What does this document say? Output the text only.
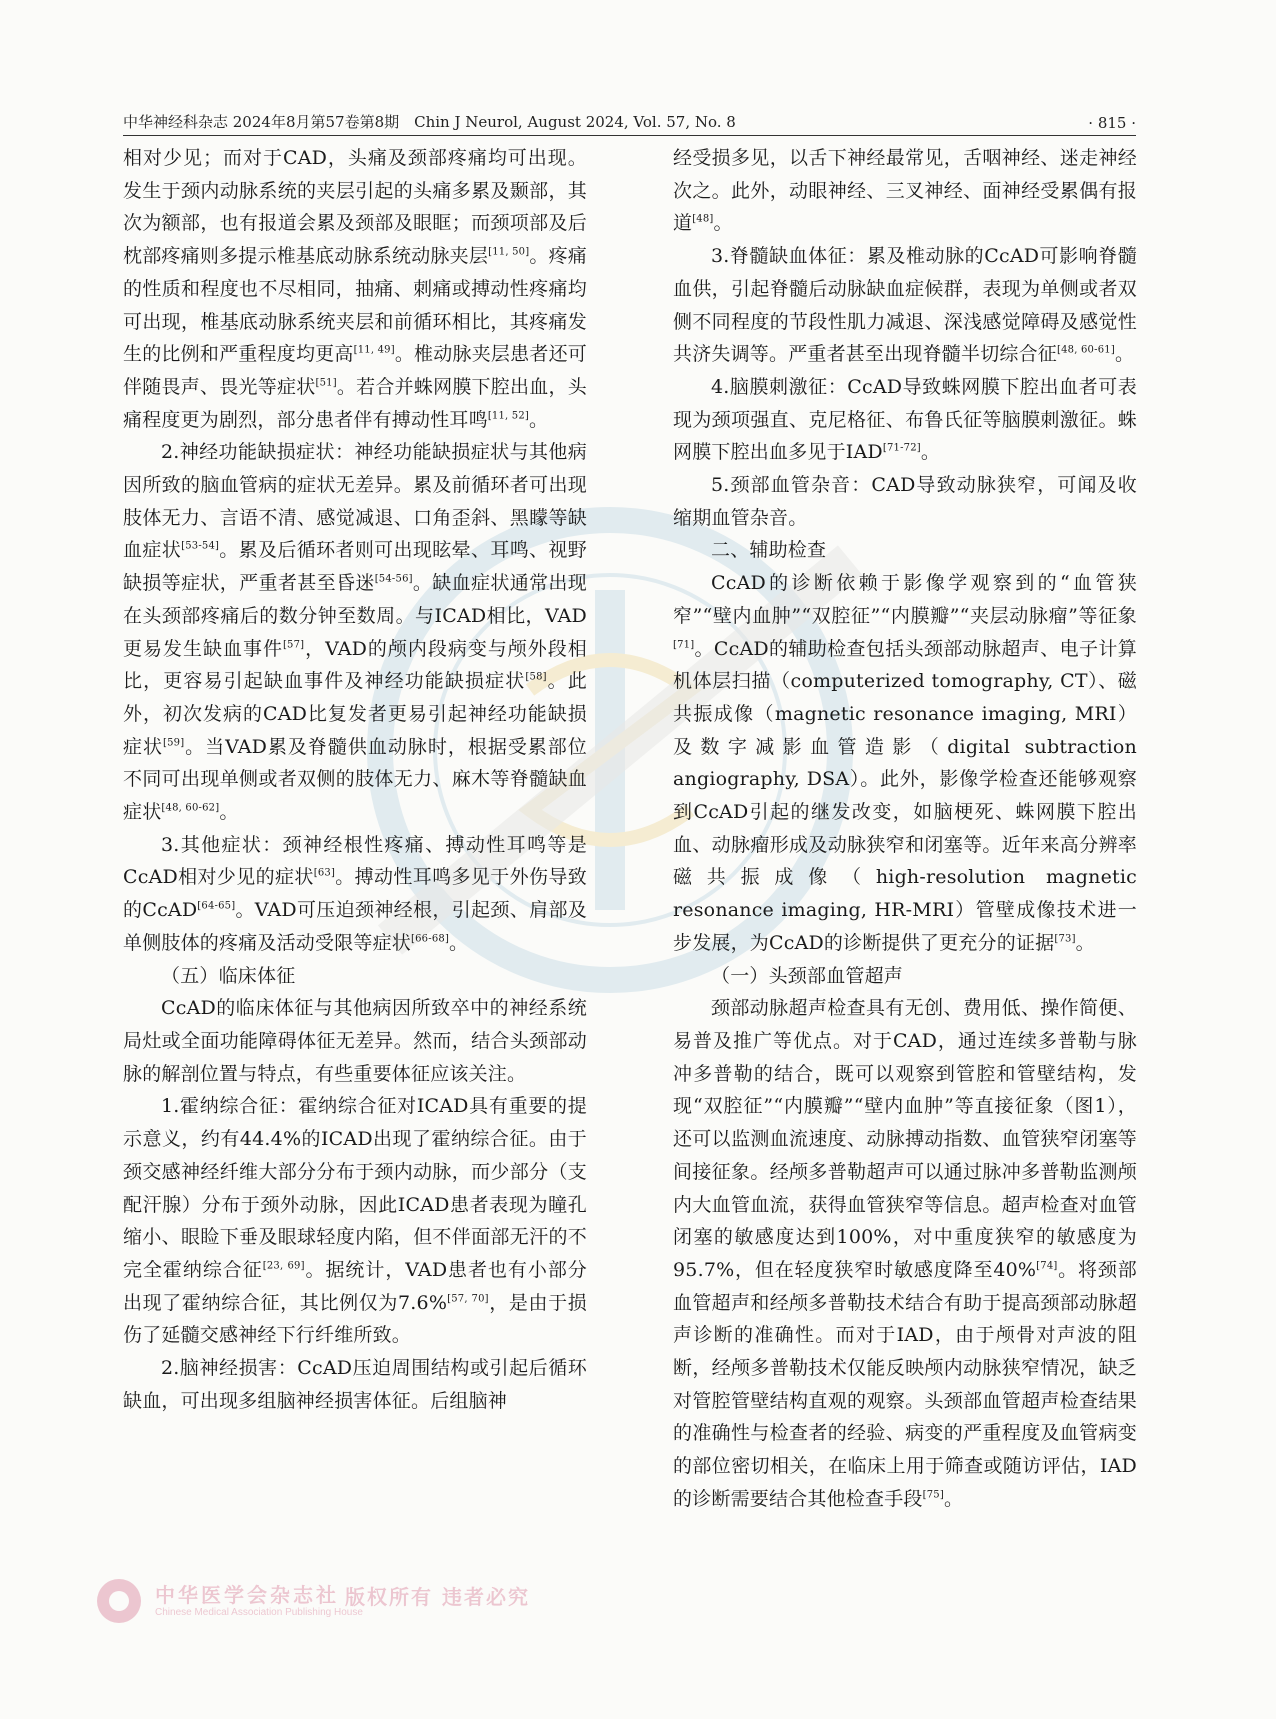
中华神经科杂志 2024年8月第57卷第8期　Chin J Neurol, August 2024, Vol. 57, No. 8	· 815 ·

相对少见；而对于CAD，头痛及颈部疼痛均可出现。发生于颈内动脉系统的夹层引起的头痛多累及颞部，其次为额部，也有报道会累及颈部及眼眶；而颈项部及后枕部疼痛则多提示椎基底动脉系统动脉夹层[11, 50]。疼痛的性质和程度也不尽相同，抽痛、刺痛或搏动性疼痛均可出现，椎基底动脉系统夹层和前循环相比，其疼痛发生的比例和严重程度均更高[11, 49]。椎动脉夹层患者还可伴随畏声、畏光等症状[51]。若合并蛛网膜下腔出血，头痛程度更为剧烈，部分患者伴有搏动性耳鸣[11, 52]。

2.神经功能缺损症状：神经功能缺损症状与其他病因所致的脑血管病的症状无差异。累及前循环者可出现肢体无力、言语不清、感觉减退、口角歪斜、黑矇等缺血症状[53-54]。累及后循环者则可出现眩晕、耳鸣、视野缺损等症状，严重者甚至昏迷[54-56]。缺血症状通常出现在头颈部疼痛后的数分钟至数周。与ICAD相比，VAD更易发生缺血事件[57]，VAD的颅内段病变与颅外段相比，更容易引起缺血事件及神经功能缺损症状[58]。此外，初次发病的CAD比复发者更易引起神经功能缺损症状[59]。当VAD累及脊髓供血动脉时，根据受累部位不同可出现单侧或者双侧的肢体无力、麻木等脊髓缺血症状[48, 60-62]。

3.其他症状：颈神经根性疼痛、搏动性耳鸣等是CcAD相对少见的症状[63]。搏动性耳鸣多见于外伤导致的CcAD[64-65]。VAD可压迫颈神经根，引起颈、肩部及单侧肢体的疼痛及活动受限等症状[66-68]。

（五）临床体征

CcAD的临床体征与其他病因所致卒中的神经系统局灶或全面功能障碍体征无差异。然而，结合头颈部动脉的解剖位置与特点，有些重要体征应该关注。

1.霍纳综合征：霍纳综合征对ICAD具有重要的提示意义，约有44.4%的ICAD出现了霍纳综合征。由于颈交感神经纤维大部分分布于颈内动脉，而少部分（支配汗腺）分布于颈外动脉，因此ICAD患者表现为瞳孔缩小、眼睑下垂及眼球轻度内陷，但不伴面部无汗的不完全霍纳综合征[23, 69]。据统计，VAD患者也有小部分出现了霍纳综合征，其比例仅为7.6%[57, 70]，是由于损伤了延髓交感神经下行纤维所致。

2.脑神经损害：CcAD压迫周围结构或引起后循环缺血，可出现多组脑神经损害体征。后组脑神

经受损多见，以舌下神经最常见，舌咽神经、迷走神经次之。此外，动眼神经、三叉神经、面神经受累偶有报道[48]。

3.脊髓缺血体征：累及椎动脉的CcAD可影响脊髓血供，引起脊髓后动脉缺血症候群，表现为单侧或者双侧不同程度的节段性肌力减退、深浅感觉障碍及感觉性共济失调等。严重者甚至出现脊髓半切综合征[48, 60-61]。

4.脑膜刺激征：CcAD导致蛛网膜下腔出血者可表现为颈项强直、克尼格征、布鲁氏征等脑膜刺激征。蛛网膜下腔出血多见于IAD[71-72]。

5.颈部血管杂音：CAD导致动脉狭窄，可闻及收缩期血管杂音。

二、辅助检查

CcAD的诊断依赖于影像学观察到的“血管狭窄”“壁内血肿”“双腔征”“内膜瓣”“夹层动脉瘤”等征象[71]。CcAD的辅助检查包括头颈部动脉超声、电子计算机体层扫描（computerized tomography, CT）、磁共振成像（magnetic resonance imaging, MRI）及数字减影血管造影（digital subtraction angiography, DSA）。此外，影像学检查还能够观察到CcAD引起的继发改变，如脑梗死、蛛网膜下腔出血、动脉瘤形成及动脉狭窄和闭塞等。近年来高分辨率磁共振成像（high-resolution magnetic resonance imaging, HR-MRI）管壁成像技术进一步发展，为CcAD的诊断提供了更充分的证据[73]。

（一）头颈部血管超声

颈部动脉超声检查具有无创、费用低、操作简便、易普及推广等优点。对于CAD，通过连续多普勒与脉冲多普勒的结合，既可以观察到管腔和管壁结构，发现“双腔征”“内膜瓣”“壁内血肿”等直接征象（图1），还可以监测血流速度、动脉搏动指数、血管狭窄闭塞等间接征象。经颅多普勒超声可以通过脉冲多普勒监测颅内大血管血流，获得血管狭窄等信息。超声检查对血管闭塞的敏感度达到100%，对中重度狭窄的敏感度为95.7%，但在轻度狭窄时敏感度降至40%[74]。将颈部血管超声和经颅多普勒技术结合有助于提高颈部动脉超声诊断的准确性。而对于IAD，由于颅骨对声波的阻断，经颅多普勒技术仅能反映颅内动脉狭窄情况，缺乏对管腔管壁结构直观的观察。头颈部血管超声检查结果的准确性与检查者的经验、病变的严重程度及血管病变的部位密切相关，在临床上用于筛查或随访评估，IAD的诊断需要结合其他检查手段[75]。

中华医学会杂志社
Chinese Medical Association Publishing House
版权所有 违者必究
